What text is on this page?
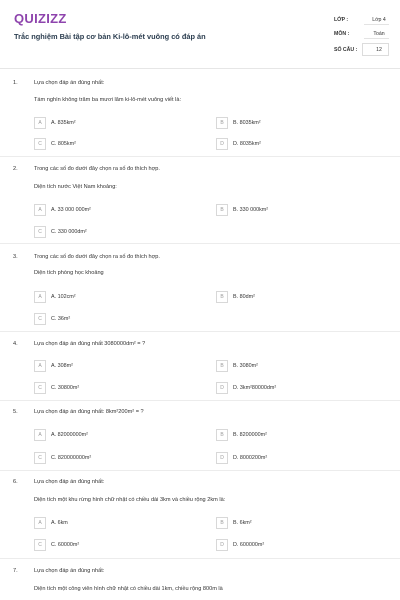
QUIZIZZ
Trắc nghiệm Bài tập cơ bản Ki-lô-mét vuông có đáp án
LỚP :	Lớp 4
MÔN :	Toán
SỐ CÂU :	12
1.	Lựa chọn đáp án đúng nhất:
Tám nghìn không trăm ba mươi lăm ki-lô-mét vuông viết là:
A	A. 835km²	B	B. 8035km²
C	C. 805km²	D	D. 8035km²
2.	Trong các số đo dưới đây chọn ra số đo thích hợp.
Diện tích nước Việt Nam khoảng:
A	A. 33 000 000m²	B	B. 330 000km²
C	C. 330 000dm²
3.	Trong các số đo dưới đây chọn ra số đo thích hợp.
Diện tích phòng học khoảng
A	A. 102cm²	B	B. 80dm²
C	C. 36m²
4.	Lựa chọn đáp án đúng nhất 3080000dm² = ?
A	A. 308m²	B	B. 3080m²
C	C. 30800m²	D	D. 3km²80000dm²
5.	Lựa chọn đáp án đúng nhất: 8km²200m² = ?
A	A. 82000000m²	B	B. 8200000m²
C	C. 820000000m²	D	D. 8000200m²
6.	Lựa chọn đáp án đúng nhất:
Diện tích một khu rừng hình chữ nhật có chiều dài 3km và chiều rộng 2km là:
A	A. 6km	B	B. 6km²
C	C. 60000m²	D	D. 600000m²
7.	Lựa chọn đáp án đúng nhất:
Diện tích một công viên hình chữ nhật có chiều dài 1km, chiều rộng 800m là
